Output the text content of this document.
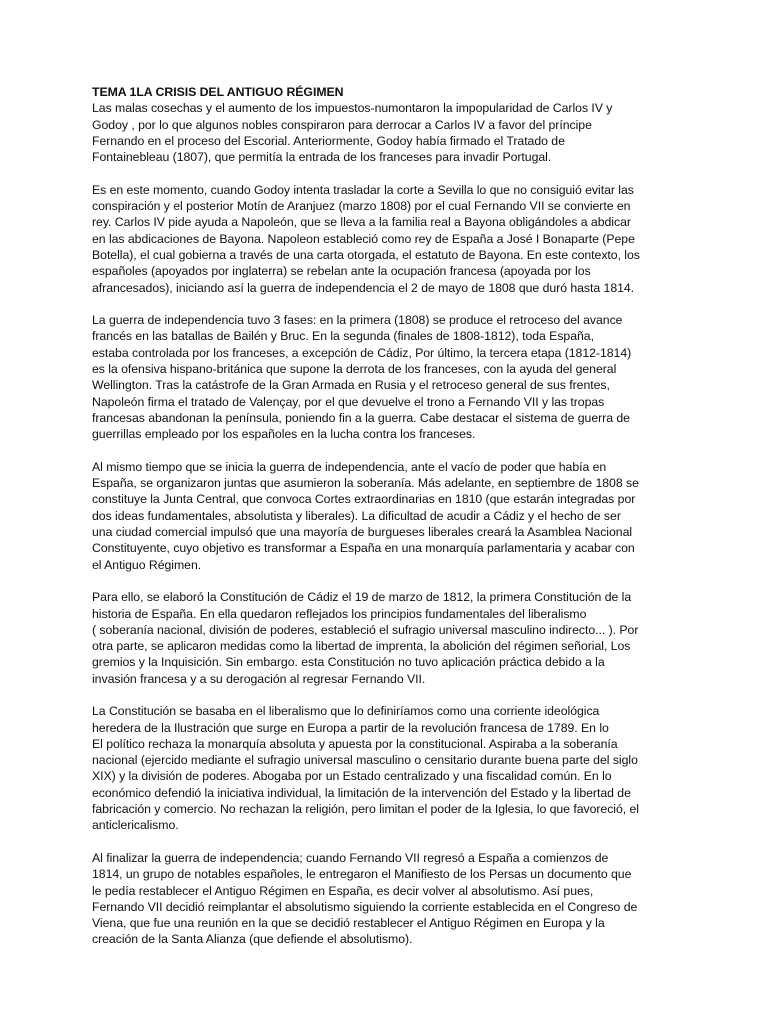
TEMA 1LA CRISIS DEL ANTIGUO RÉGIMEN
Las malas cosechas y el aumento de los impuestos-numontaron la impopularidad de Carlos IV y
Godoy , por lo que algunos nobles conspiraron para derrocar a Carlos IV a favor del príncipe
Fernando en el proceso del Escorial. Anteriormente, Godoy había firmado el Tratado de
Fontainebleau (1807), que permitía la entrada de los franceses para invadir Portugal.
Es en este momento, cuando Godoy intenta trasladar la corte a Sevilla lo que no consiguió evitar las
conspiración y el posterior Motín de Aranjuez (marzo 1808) por el cual Fernando VII se convierte en
rey. Carlos IV pide ayuda a Napoleón, que se lleva a la familia real a Bayona obligándoles a abdicar
en las abdicaciones de Bayona. Napoleon estableció como rey de España a José I Bonaparte (Pepe
Botella), el cual gobierna a través de una carta otorgada, el estatuto de Bayona. En este contexto, los
españoles (apoyados por inglaterra) se rebelan ante la ocupación francesa (apoyada por los
afrancesados), iniciando así la guerra de independencia el 2 de mayo de 1808 que duró hasta 1814.
La guerra de independencia tuvo 3 fases: en la primera (1808) se produce el retroceso del avance
francés en las batallas de Bailén y Bruc. En la segunda (finales de 1808-1812), toda España,
estaba controlada por los franceses, a excepción de Cádiz, Por último, la tercera etapa (1812-1814)
es la ofensiva hispano-británica que supone la derrota de los franceses, con la ayuda del general
Wellington. Tras la catástrofe de la Gran Armada en Rusia y el retroceso general de sus frentes,
Napoleón firma el tratado de Valençay, por el que devuelve el trono a Fernando VII y las tropas
francesas abandonan la península, poniendo fin a la guerra. Cabe destacar el sistema de guerra de
guerrillas empleado por los españoles en la lucha contra los franceses.
Al mismo tiempo que se inicia la guerra de independencia, ante el vacío de poder que había en
España, se organizaron juntas que asumieron la soberanía. Más adelante, en septiembre de 1808 se
constituye la Junta Central, que convoca Cortes extraordinarias en 1810 (que estarán integradas por
dos ideas fundamentales, absolutista y liberales). La dificultad de acudir a Cádiz y el hecho de ser
una ciudad comercial impulsó que una mayoría de burgueses liberales creará la Asamblea Nacional
Constituyente, cuyo objetivo es transformar a España en una monarquía parlamentaria y acabar con
el Antiguo Régimen.
Para ello, se elaboró la Constitución de Cádiz el 19 de marzo de 1812, la primera Constitución de la
historia de España. En ella quedaron reflejados los principios fundamentales del liberalismo
( soberanía nacional, división de poderes, estableció el sufragio universal masculino indirecto... ). Por
otra parte, se aplicaron medidas como la libertad de imprenta, la abolición del régimen señorial, Los
gremios y la Inquisición. Sin embargo. esta Constitución no tuvo aplicación práctica debido a la
invasión francesa y a su derogación al regresar Fernando VII.
La Constitución se basaba en el liberalismo que lo definiríamos como una corriente ideológica
heredera de la Ilustración que surge en Europa a partir de la revolución francesa de 1789. En lo
El político rechaza la monarquía absoluta y apuesta por la constitucional. Aspiraba a la soberanía
nacional (ejercido mediante el sufragio universal masculino o censitario durante buena parte del siglo
XIX) y la división de poderes. Abogaba por un Estado centralizado y una fiscalidad común. En lo
económico defendió la iniciativa individual, la limitación de la intervención del Estado y la libertad de
fabricación y comercio. No rechazan la religión, pero limitan el poder de la Iglesia, lo que favoreció, el
anticlericalismo.
Al finalizar la guerra de independencia; cuando Fernando VII regresó a España a comienzos de
1814, un grupo de notables españoles, le entregaron el Manifiesto de los Persas un documento que
le pedía restablecer el Antiguo Régimen en España, es decir volver al absolutismo. Así pues,
Fernando VII decidió reimplantar el absolutismo siguiendo la corriente establecida en el Congreso de
Viena, que fue una reunión en la que se decidió restablecer el Antiguo Régimen en Europa y la
creación de la Santa Alianza (que defiende el absolutismo).
